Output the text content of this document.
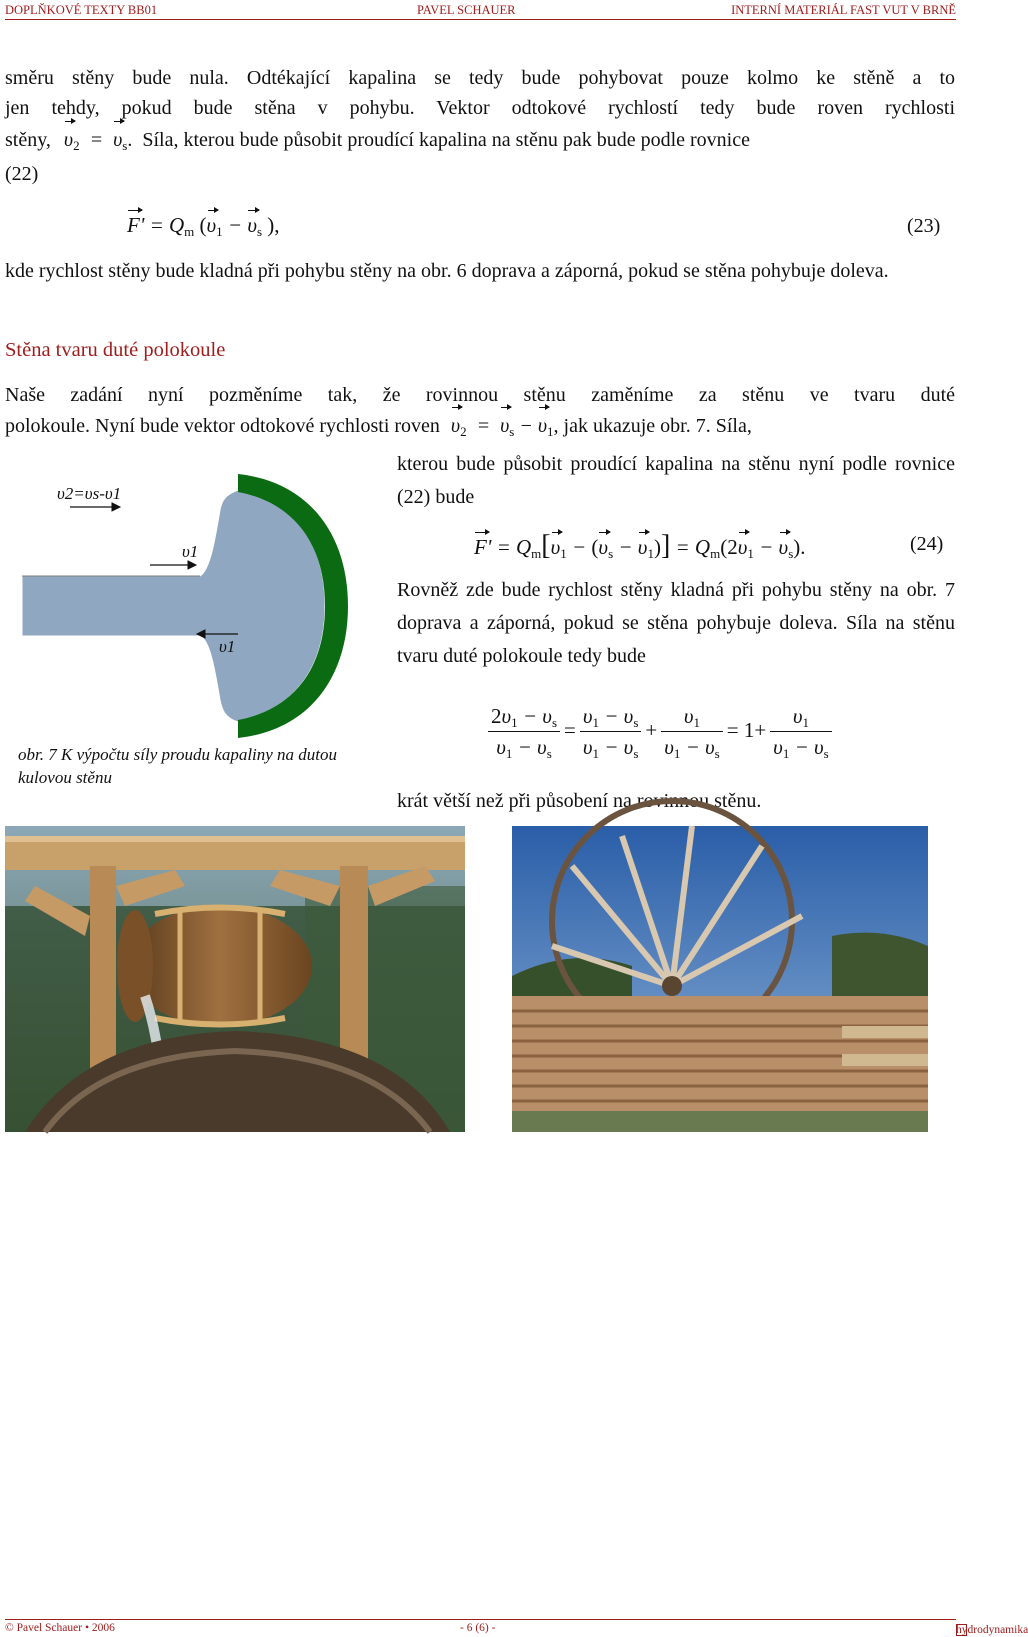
DOPLŇKOVÉ TEXTY BB01	PAVEL SCHAUER	INTERNÍ MATERIÁL FAST VUT V BRNĚ
směru stěny bude nula. Odtékající kapalina se tedy bude pohybovat pouze kolmo ke stěně a to
jen tehdy, pokud bude stěna v pohybu. Vektor odtokové rychlostí tedy bude roven rychlosti
stěny, $\upsilon_2 = \upsilon_s$.  Síla, kterou bude působit proudící kapalina na stěnu pak bude podle rovnice
(22)
F' = Qm (υ1 − υs ),	(23)
kde rychlost stěny bude kladná při pohybu stěny na obr. 6 doprava a záporná, pokud se stěna pohybuje doleva.
Stěna tvaru duté polokoule
Naše zadání nyní pozměníme tak, že rovinnou stěnu zaměníme za stěnu ve tvaru duté
polokoule. Nyní bude vektor odtokové rychlosti roven $\upsilon_2 = \upsilon_s - \upsilon_1$, jak ukazuje obr. 7. Síla,
υ2=υs-υ1
υ1
υ1
obr. 7 K výpočtu síly proudu kapaliny na dutou kulovou stěnu
kterou bude působit proudící kapalina na stěnu nyní podle rovnice (22) bude
F' = Qm[υ1 − (υs − υ1)] = Qm(2υ1 − υs).	(24)
Rovněž zde bude rychlost stěny kladná při pohybu stěny na obr. 7 doprava a záporná, pokud se stěna pohybuje doleva. Síla na stěnu tvaru duté polokoule tedy bude
$\frac{2\upsilon 1 - \upsilon s}{\upsilon 1 - \upsilon s} = \frac{\upsilon 1 - \upsilon s}{\upsilon 1 - \upsilon s} + \frac{\upsilon 1}{\upsilon 1 - \upsilon s} = 1+ \frac{\upsilon 1}{\upsilon 1 - \upsilon s}$
krát větší než při působení na rovinnou stěnu.
© Pavel Schauer • 2006	- 6 (6) -	hydrodynamika
